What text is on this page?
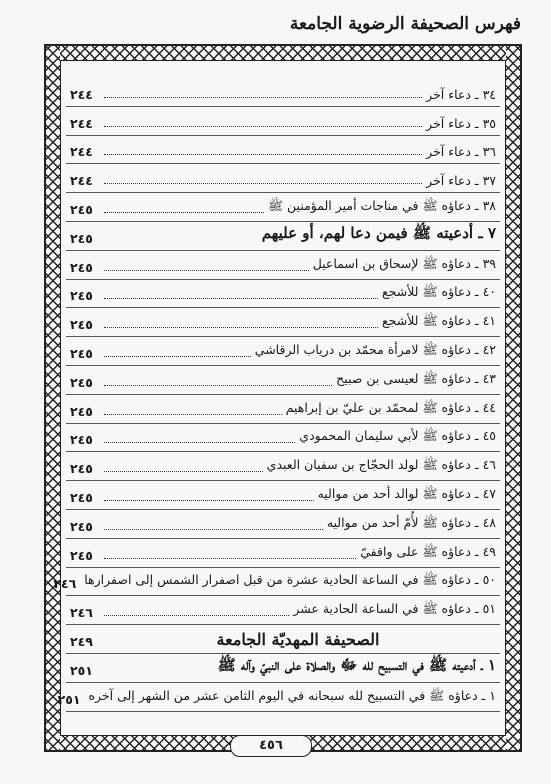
فهرس الصحيفة الرضوية الجامعة
٣٤ ـ دعاء آخر
٢٤٤
٣٥ ـ دعاء آخر
٢٤٤
٣٦ ـ دعاء آخر
٢٤٤
٣٧ ـ دعاء آخر
٢٤٤
٣٨ ـ دعاؤه ﷺ في مناجات أمير المؤمنين ﷺ
٢٤٥
٧ ـ أدعيته ﷺ فيمن دعا لهم، أو عليهم
٢٤٥
٣٩ ـ دعاؤه ﷺ لإسحاق بن اسماعيل
٢٤٥
٤٠ ـ دعاؤه ﷺ للأشجع
٢٤٥
٤١ ـ دعاؤه ﷺ للأشجع
٢٤٥
٤٢ ـ دعاؤه ﷺ لامرأة محمّد بن دریاب الرقاشي
٢٤٥
٤٣ ـ دعاؤه ﷺ لعیسی بن صبیح
٢٤٥
٤٤ ـ دعاؤه ﷺ لمحمّد بن عليّ بن إبراهيم
٢٤٥
٤٥ ـ دعاؤه ﷺ لأبي سليمان المحمودي
٢٤٥
٤٦ ـ دعاؤه ﷺ لولد الحجّاج بن سفيان العبدي
٢٤٥
٤٧ ـ دعاؤه ﷺ لوالد أحد من مواليه
٢٤٥
٤٨ ـ دعاؤه ﷺ لأُمّ أحد من مواليه
٢٤٥
٤٩ ـ دعاؤه ﷺ على واقفيّ
٢٤٥
٥٠ ـ دعاؤه ﷺ في الساعة الحادية عشرة من قبل اصفرار الشمس إلى اصفرارها
٢٤٦
٥١ ـ دعاؤه ﷺ في الساعة الحادية عشر
٢٤٦
الصحيفة المهديّة الجامعة
٢٤٩
١ ـ أدعيته ﷺ في التسبيح لله ﷻ والصلاة على النبيّ وآله ﷺ
٢٥١
١ ـ دعاؤه ﷺ في التسبيح لله سبحانه في اليوم الثامن عشر من الشهر إلى آخره
٢٥١
٤٥٦
